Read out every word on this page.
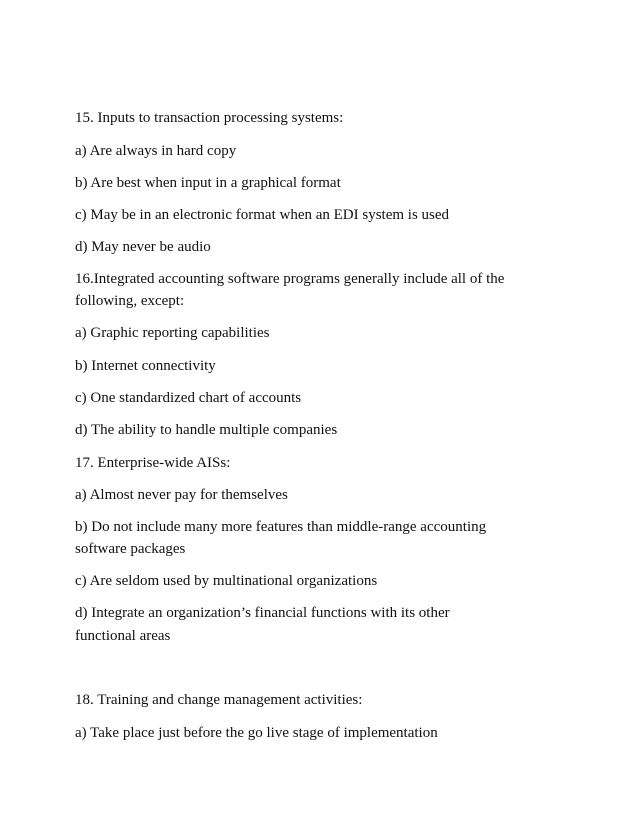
15. Inputs to transaction processing systems:

a) Are always in hard copy

b) Are best when input in a graphical format

c) May be in an electronic format when an EDI system is used

d) May never be audio

16.Integrated accounting software programs generally include all of the

following, except:

a) Graphic reporting capabilities

b) Internet connectivity

c) One standardized chart of accounts

d) The ability to handle multiple companies

17. Enterprise-wide AISs:

a) Almost never pay for themselves

b) Do not include many more features than middle-range accounting

software packages

c) Are seldom used by multinational organizations

d) Integrate an organization’s financial functions with its other

functional areas

18. Training and change management activities:

a) Take place just before the go live stage of implementation
